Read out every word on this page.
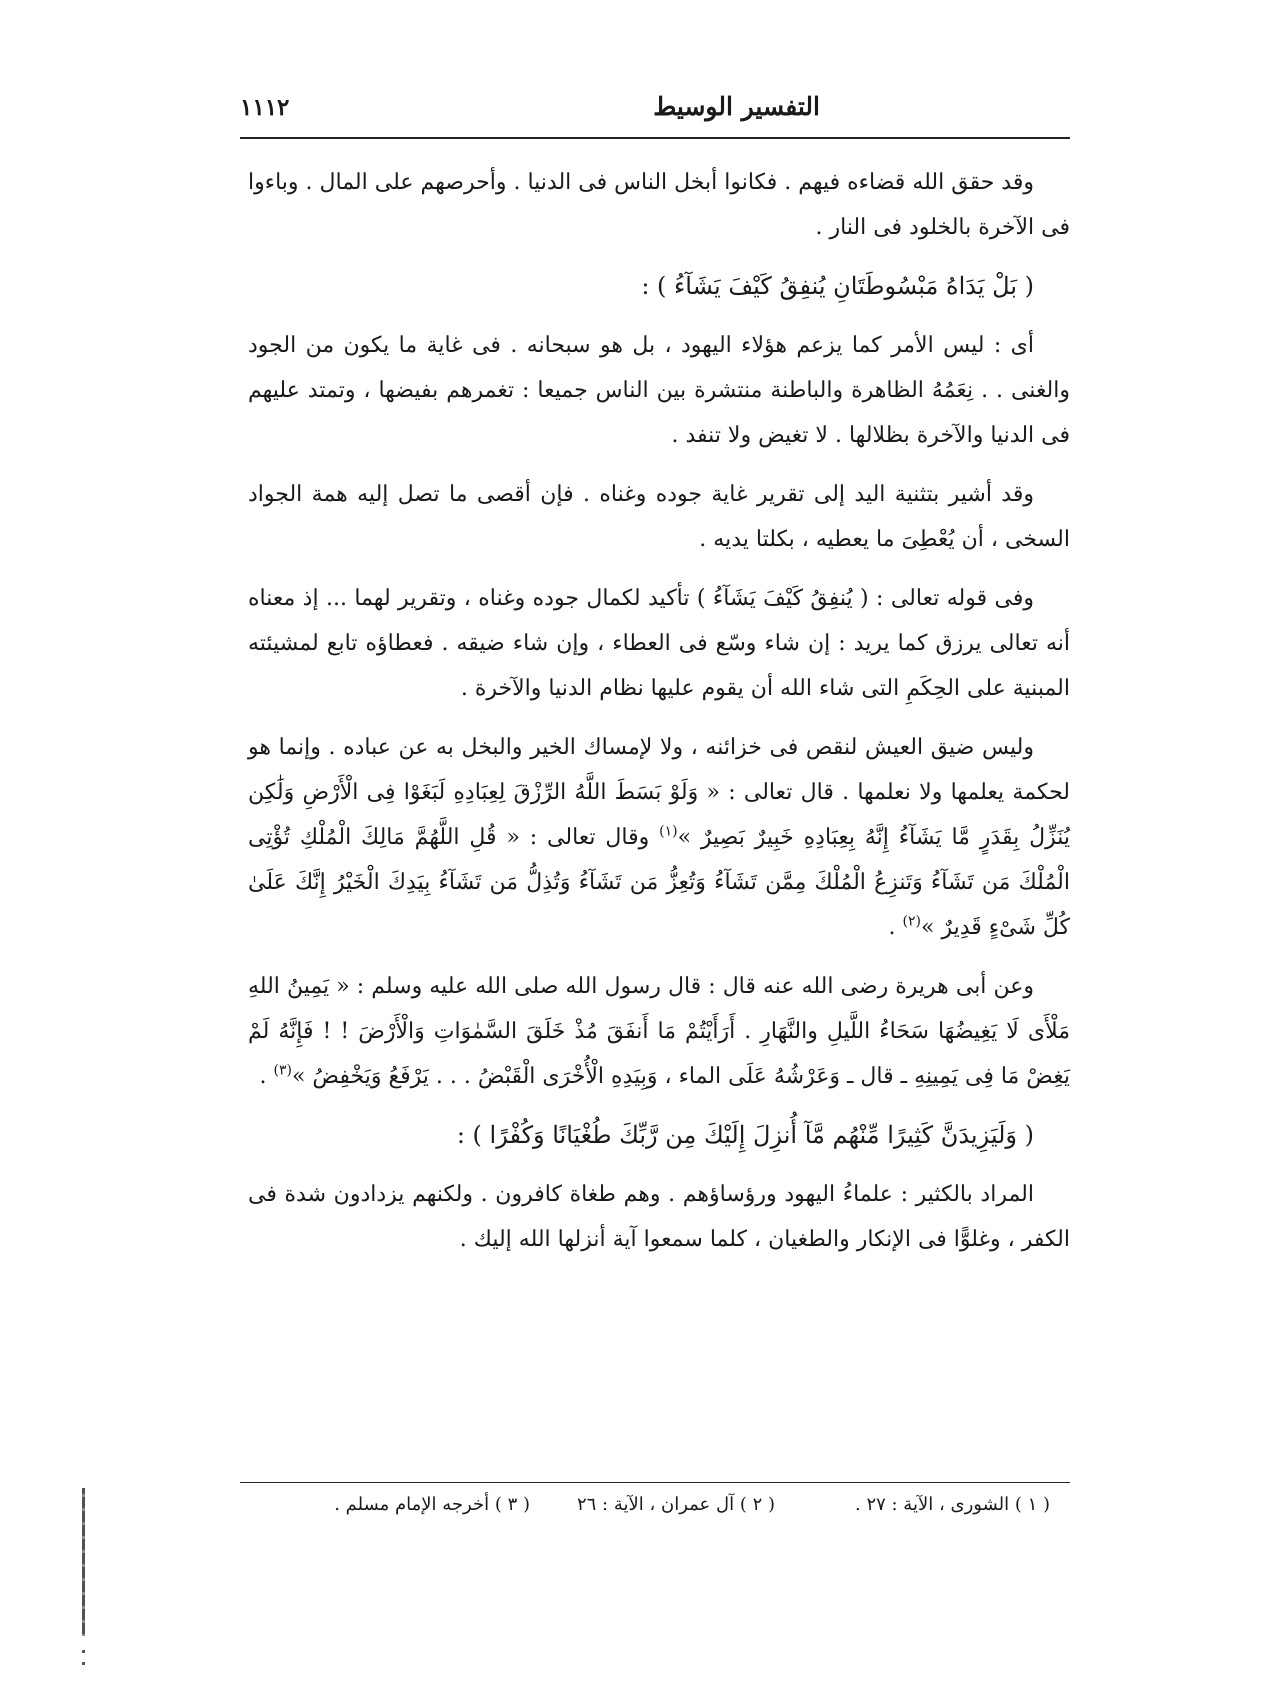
التفسير الوسيط
١١١٢

وقد حقق الله قضاءه فيهم . فكانوا أبخل الناس فى الدنيا . وأحرصهم على المال . وباءوا فى الآخرة بالخلود فى النار .

( بَلْ يَدَاهُ مَبْسُوطَتَانِ يُنفِقُ كَيْفَ يَشَآءُ ) :

أى : ليس الأمر كما يزعم هؤلاء اليهود ، بل هو سبحانه . فى غاية ما يكون من الجود والغنى . . نِعَمُهُ الظاهرة والباطنة منتشرة بين الناس جميعا : تغمرهم بفيضها ، وتمتد عليهم فى الدنيا والآخرة بظلالها . لا تغيض ولا تنفد .

وقد أشير بتثنية اليد إلى تقرير غاية جوده وغناه . فإن أقصى ما تصل إليه همة الجواد السخى ، أن يُعْطِىَ ما يعطيه ، بكلتا يديه .

وفى قوله تعالى : ( يُنفِقُ كَيْفَ يَشَآءُ ) تأكيد لكمال جوده وغناه ، وتقرير لهما ... إذ معناه أنه تعالى يرزق كما يريد : إن شاء وسّع فى العطاء ، وإن شاء ضيقه . فعطاؤه تابع لمشيئته المبنية على الحِكَمِ التى شاء الله أن يقوم عليها نظام الدنيا والآخرة .

وليس ضيق العيش لنقص فى خزائنه ، ولا لإمساك الخير والبخل به عن عباده . وإنما هو لحكمة يعلمها ولا نعلمها . قال تعالى : « وَلَوْ بَسَطَ اللَّهُ الرِّزْقَ لِعِبَادِهِ لَبَغَوْا فِى الْأَرْضِ وَلَٰكِن يُنَزِّلُ بِقَدَرٍ مَّا يَشَآءُ إِنَّهُ بِعِبَادِهِ خَبِيرٌ بَصِيرٌ »$^{(١)}$ وقال تعالى : « قُلِ اللَّهُمَّ مَالِكَ الْمُلْكِ تُؤْتِى الْمُلْكَ مَن تَشَآءُ وَتَنزِعُ الْمُلْكَ مِمَّن تَشَآءُ وَتُعِزُّ مَن تَشَآءُ وَتُذِلُّ مَن تَشَآءُ بِيَدِكَ الْخَيْرُ إِنَّكَ عَلَىٰ كُلِّ شَىْءٍ قَدِيرٌ »$^{(٢)}$ .

وعن أبى هريرة رضى الله عنه قال : قال رسول الله صلى الله عليه وسلم : « يَمِينُ اللهِ مَلْأَى لَا يَغِيضُهَا سَحَاءُ اللَّيلِ والنَّهَارِ . أَرَأَيْتُمْ مَا أَنفَقَ مُذْ خَلَقَ السَّمٰوَاتِ وَالْأَرْضَ ! ! فَإِنَّهُ لَمْ يَغِضْ مَا فِى يَمِينِهِ ـ قال ـ وَعَرْشُهُ عَلَى الماء ، وَبِيَدِهِ الْأُخْرَى الْقَبْضُ . . . يَرْفَعُ وَيَخْفِضُ »$^{(٣)}$ .

( وَلَيَزِيدَنَّ كَثِيرًا مِّنْهُم مَّآ أُنزِلَ إِلَيْكَ مِن رَّبِّكَ طُغْيَانًا وَكُفْرًا ) :

المراد بالكثير : علماءُ اليهود ورؤساؤهم . وهم طغاة كافرون . ولكنهم يزدادون شدة فى الكفر ، وغلوًّا فى الإنكار والطغيان ، كلما سمعوا آية أنزلها الله إليك .

( ١ ) الشورى ، الآية : ٢٧ .
( ٢ ) آل عمران ، الآية : ٢٦
( ٣ ) أخرجه الإمام مسلم .
